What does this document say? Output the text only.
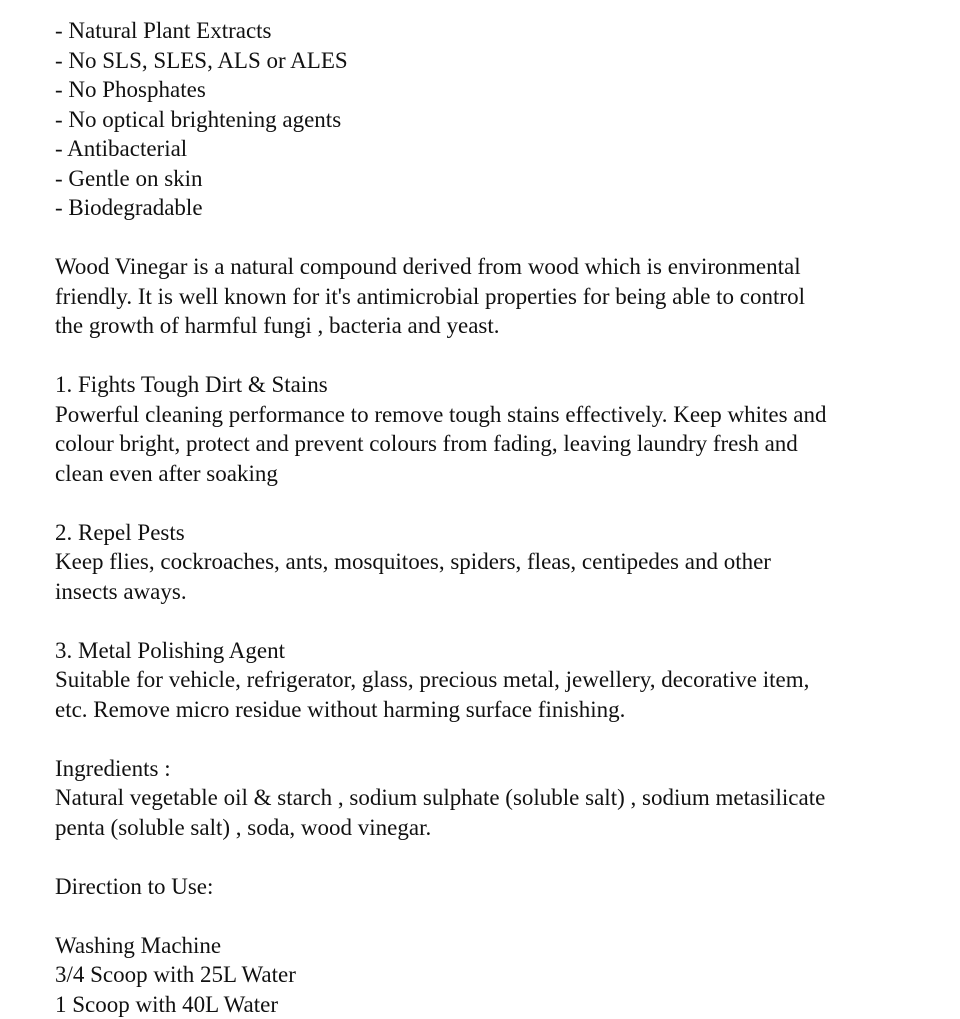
- Natural Plant Extracts
- No SLS, SLES, ALS or ALES
- No Phosphates
- No optical brightening agents
- Antibacterial
- Gentle on skin
- Biodegradable
Wood Vinegar is a natural compound derived from wood which is environmental
friendly. It is well known for it's antimicrobial properties for being able to control
the growth of harmful fungi , bacteria and yeast.
1. Fights Tough Dirt & Stains
Powerful cleaning performance to remove tough stains effectively. Keep whites and
colour bright, protect and prevent colours from fading, leaving laundry fresh and
clean even after soaking
2. Repel Pests
Keep flies, cockroaches, ants, mosquitoes, spiders, fleas, centipedes and other
insects aways.
3. Metal Polishing Agent
Suitable for vehicle, refrigerator, glass, precious metal, jewellery, decorative item,
etc. Remove micro residue without harming surface finishing.
Ingredients :
Natural vegetable oil & starch , sodium sulphate (soluble salt) , sodium metasilicate
penta (soluble salt) , soda, wood vinegar.
Direction to Use:
Washing Machine
3/4 Scoop with 25L Water
1 Scoop with 40L Water
